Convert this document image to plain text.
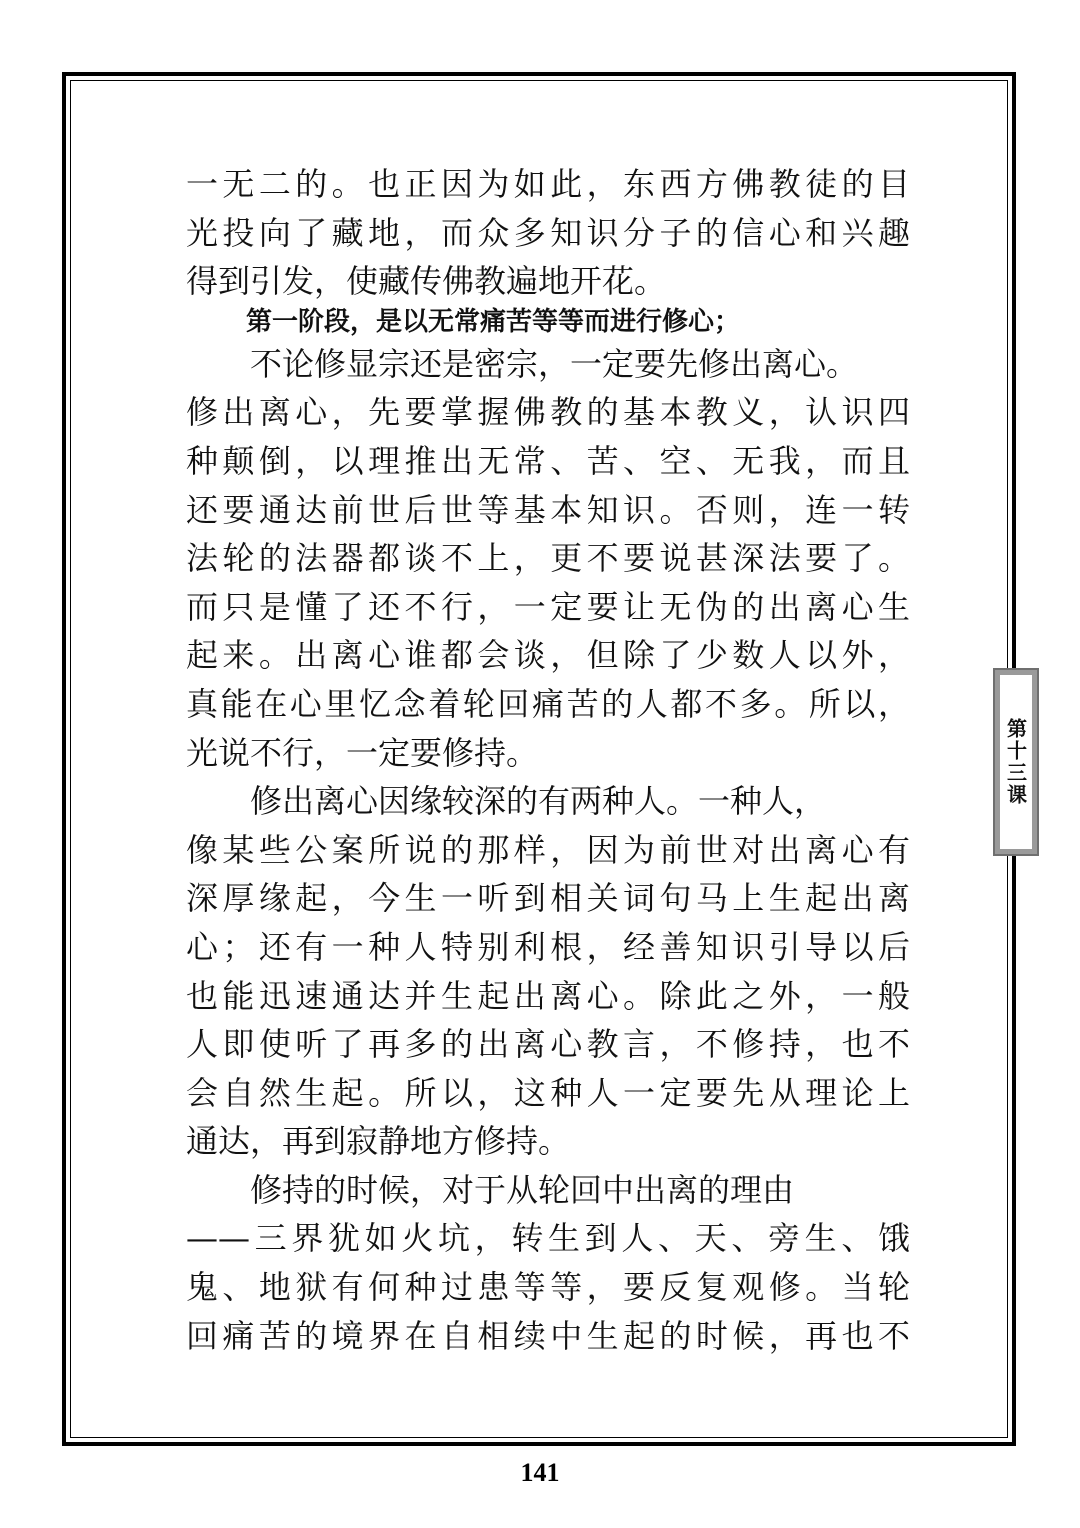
一无二的。也正因为如此，东西方佛教徒的目
光投向了藏地，而众多知识分子的信心和兴趣
得到引发，使藏传佛教遍地开花。
第一阶段，是以无常痛苦等等而进行修心；
　　不论修显宗还是密宗，一定要先修出离心。
修出离心，先要掌握佛教的基本教义，认识四
种颠倒，以理推出无常、苦、空、无我，而且
还要通达前世后世等基本知识。否则，连一转
法轮的法器都谈不上，更不要说甚深法要了。
而只是懂了还不行，一定要让无伪的出离心生
起来。出离心谁都会谈，但除了少数人以外，
真能在心里忆念着轮回痛苦的人都不多。所以，
光说不行，一定要修持。
　　修出离心因缘较深的有两种人。一种人，
像某些公案所说的那样，因为前世对出离心有
深厚缘起，今生一听到相关词句马上生起出离
心；还有一种人特别利根，经善知识引导以后
也能迅速通达并生起出离心。除此之外，一般
人即使听了再多的出离心教言，不修持，也不
会自然生起。所以，这种人一定要先从理论上
通达，再到寂静地方修持。
　　修持的时候，对于从轮回中出离的理由
——三界犹如火坑，转生到人、天、旁生、饿
鬼、地狱有何种过患等等，要反复观修。当轮
回痛苦的境界在自相续中生起的时候，再也不
第十三课
141
